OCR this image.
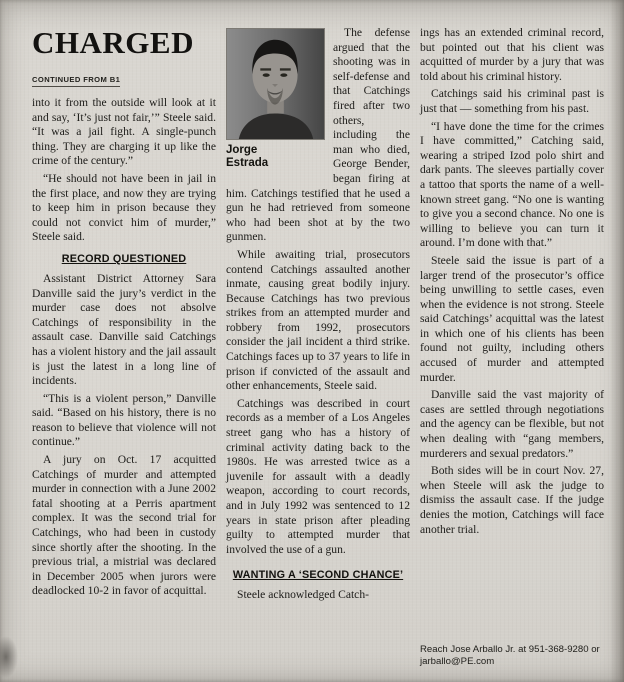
CHARGED
CONTINUED FROM B1

into it from the outside will look at it and say, ‘It’s just not fair,’” Steele said. “It was a jail fight. A single-punch thing. They are charging it up like the crime of the century.”

“He should not have been in jail in the first place, and now they are trying to keep him in prison because they could not convict him of murder,” Steele said.

RECORD QUESTIONED

Assistant District Attorney Sara Danville said the jury’s verdict in the murder case does not absolve Catchings of responsibility in the assault case. Danville said Catchings has a violent history and the jail assault is just the latest in a long line of incidents.

“This is a violent person,” Danville said. “Based on his history, there is no reason to believe that violence will not continue.”

A jury on Oct. 17 acquitted Catchings of murder and attempted murder in connection with a June 2002 fatal shooting at a Perris apartment complex. It was the second trial for Catchings, who had been in custody since shortly after the shooting. In the previous trial, a mistrial was declared in December 2005 when jurors were deadlocked 10-2 in favor of acquittal.

Jorge
Estrada

The defense argued that the shooting was in self-defense and that Catchings fired after two others, including the man who died, George Bender, began firing at him. Catchings testified that he used a gun he had retrieved from someone who had been shot at by the two gunmen.

While awaiting trial, prosecutors contend Catchings assaulted another inmate, causing great bodily injury. Because Catchings has two previous strikes from an attempted murder and robbery from 1992, prosecutors consider the jail incident a third strike. Catchings faces up to 37 years to life in prison if convicted of the assault and other enhancements, Steele said.

Catchings was described in court records as a member of a Los Angeles street gang who has a history of criminal activity dating back to the 1980s. He was arrested twice as a juvenile for assault with a deadly weapon, according to court records, and in July 1992 was sentenced to 12 years in state prison after pleading guilty to attempted murder that involved the use of a gun.

WANTING A ‘SECOND CHANCE’

Steele acknowledged Catch-

ings has an extended criminal record, but pointed out that his client was acquitted of murder by a jury that was told about his criminal history.

Catchings said his criminal past is just that — something from his past.

“I have done the time for the crimes I have committed,” Catching said, wearing a striped Izod polo shirt and dark pants. The sleeves partially cover a tattoo that sports the name of a well-known street gang. “No one is wanting to give you a second chance. No one is willing to believe you can turn it around. I’m done with that.”

Steele said the issue is part of a larger trend of the prosecutor’s office being unwilling to settle cases, even when the evidence is not strong. Steele said Catchings’ acquittal was the latest in which one of his clients has been found not guilty, including others accused of murder and attempted murder.

Danville said the vast majority of cases are settled through negotiations and the agency can be flexible, but not when dealing with “gang members, murderers and sexual predators.”

Both sides will be in court Nov. 27, when Steele will ask the judge to dismiss the assault case. If the judge denies the motion, Catchings will face another trial.

Reach Jose Arballo Jr. at 951-368-9280 or jarballo@PE.com
